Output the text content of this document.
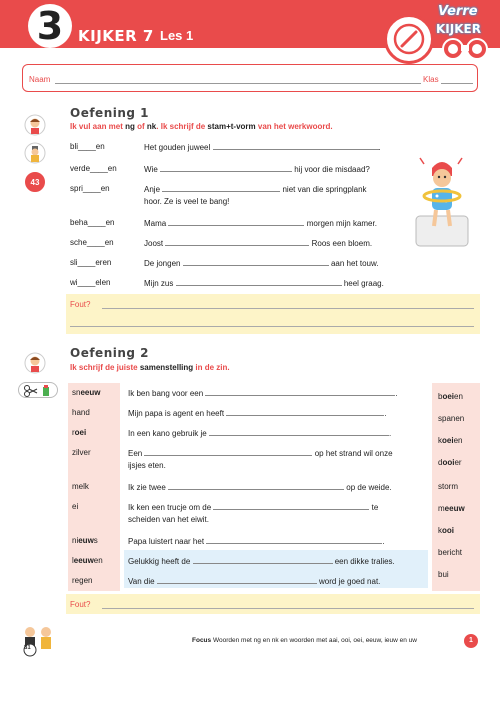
3 KIJKER 7 Les 1
Verre
KIJKER
Naam	Klas
43
Oefening 1
Ik vul aan met ng of nk. Ik schrijf de stam+t-vorm van het werkwoord.
bli____en	Het gouden juweel	.
verde____en	Wie	hij voor die misdaad?
spri____en	Anje	niet van die springplank
hoor. Ze is veel te bang!
beha____en	Mama	morgen mijn kamer.
sche____en	Joost	Roos een bloem.
sli____eren	De jongen	aan het touw.
wi____elen	Mijn zus	heel graag.
Fout?
Oefening 2
Ik schrijf de juiste samenstelling in de zin.
sneeuw
hand
roei
zilver
melk
ei
nieuws
leeuwen
regen
Ik ben bang voor een	.
Mijn papa is agent en heeft	.
In een kano gebruik je	.
Een	op het strand wil onze
ijsjes eten.
Ik zie twee	op de weide.
Ik ken een trucje om de	te
scheiden van het eiwit.
Papa luistert naar het	.
Gelukkig heeft de	een dikke tralies.
Van die	word je goed nat.
boeien
spanen
koeien
dooier
storm
meeuw
kooi
bericht
bui
Fout?
81
Focus Woorden met ng en nk en woorden met aai, ooi, oei, eeuw, ieuw en uw	1
